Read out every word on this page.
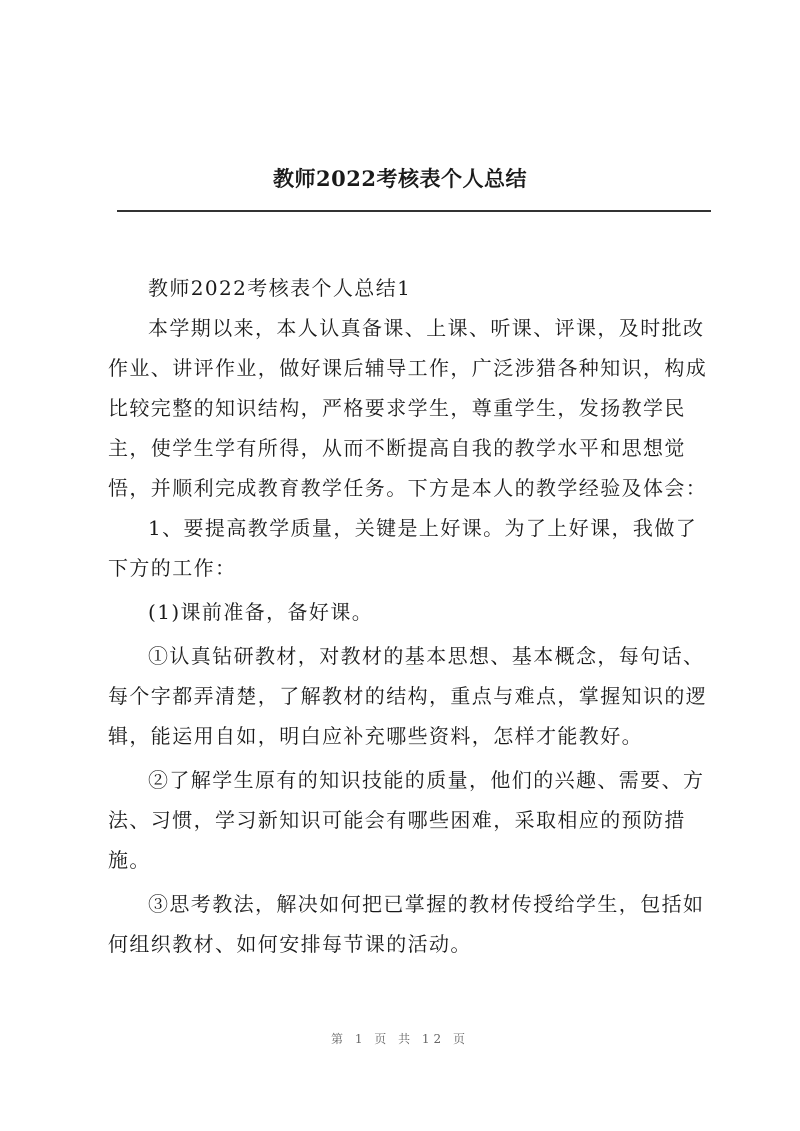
教师2022考核表个人总结

教师2022考核表个人总结1

本学期以来，本人认真备课、上课、听课、评课，及时批改作业、讲评作业，做好课后辅导工作，广泛涉猎各种知识，构成比较完整的知识结构，严格要求学生，尊重学生，发扬教学民主，使学生学有所得，从而不断提高自我的教学水平和思想觉悟，并顺利完成教育教学任务。下方是本人的教学经验及体会：

1、要提高教学质量，关键是上好课。为了上好课，我做了下方的工作：

(1)课前准备，备好课。

①认真钻研教材，对教材的基本思想、基本概念，每句话、每个字都弄清楚，了解教材的结构，重点与难点，掌握知识的逻辑，能运用自如，明白应补充哪些资料，怎样才能教好。

②了解学生原有的知识技能的质量，他们的兴趣、需要、方法、习惯，学习新知识可能会有哪些困难，采取相应的预防措施。

③思考教法，解决如何把已掌握的教材传授给学生，包括如何组织教材、如何安排每节课的活动。

第 1 页 共 12 页
